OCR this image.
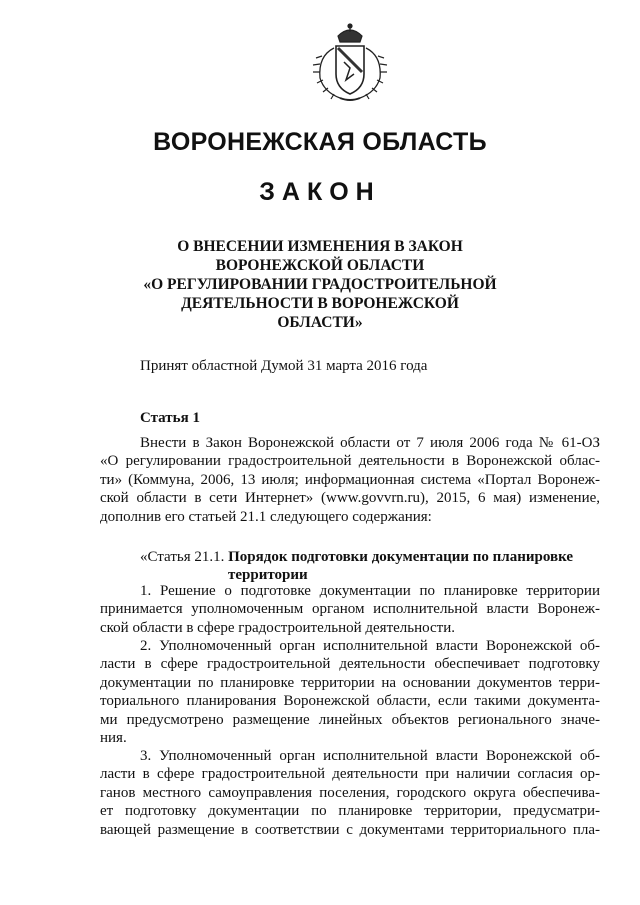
ВОРОНЕЖСКАЯ ОБЛАСТЬ
ЗАКОН
О ВНЕСЕНИИ ИЗМЕНЕНИЯ В ЗАКОН
ВОРОНЕЖСКОЙ ОБЛАСТИ
«О РЕГУЛИРОВАНИИ ГРАДОСТРОИТЕЛЬНОЙ
ДЕЯТЕЛЬНОСТИ В ВОРОНЕЖСКОЙ
ОБЛАСТИ»
Принят областной Думой 31 марта 2016 года
Статья 1
Внести в Закон Воронежской области от 7 июля 2006 года № 61-ОЗ
«О регулировании градостроительной деятельности в Воронежской облас-
ти» (Коммуна, 2006, 13 июля; информационная система «Портал Воронеж-
ской области в сети Интернет» (www.govvrn.ru), 2015, 6 мая) изменение,
дополнив его статьей 21.1 следующего содержания:
«Статья 21.1. Порядок подготовки документации по планировке
территории
1. Решение о подготовке документации по планировке территории
принимается уполномоченным органом исполнительной власти Воронеж-
ской области в сфере градостроительной деятельности.
2. Уполномоченный орган исполнительной власти Воронежской об-
ласти в сфере градостроительной деятельности обеспечивает подготовку
документации по планировке территории на основании документов терри-
ториального планирования Воронежской области, если такими документа-
ми предусмотрено размещение линейных объектов регионального значе-
ния.
3. Уполномоченный орган исполнительной власти Воронежской об-
ласти в сфере градостроительной деятельности при наличии согласия ор-
ганов местного самоуправления поселения, городского округа обеспечива-
ет подготовку документации по планировке территории, предусматри-
вающей размещение в соответствии с документами территориального пла-
